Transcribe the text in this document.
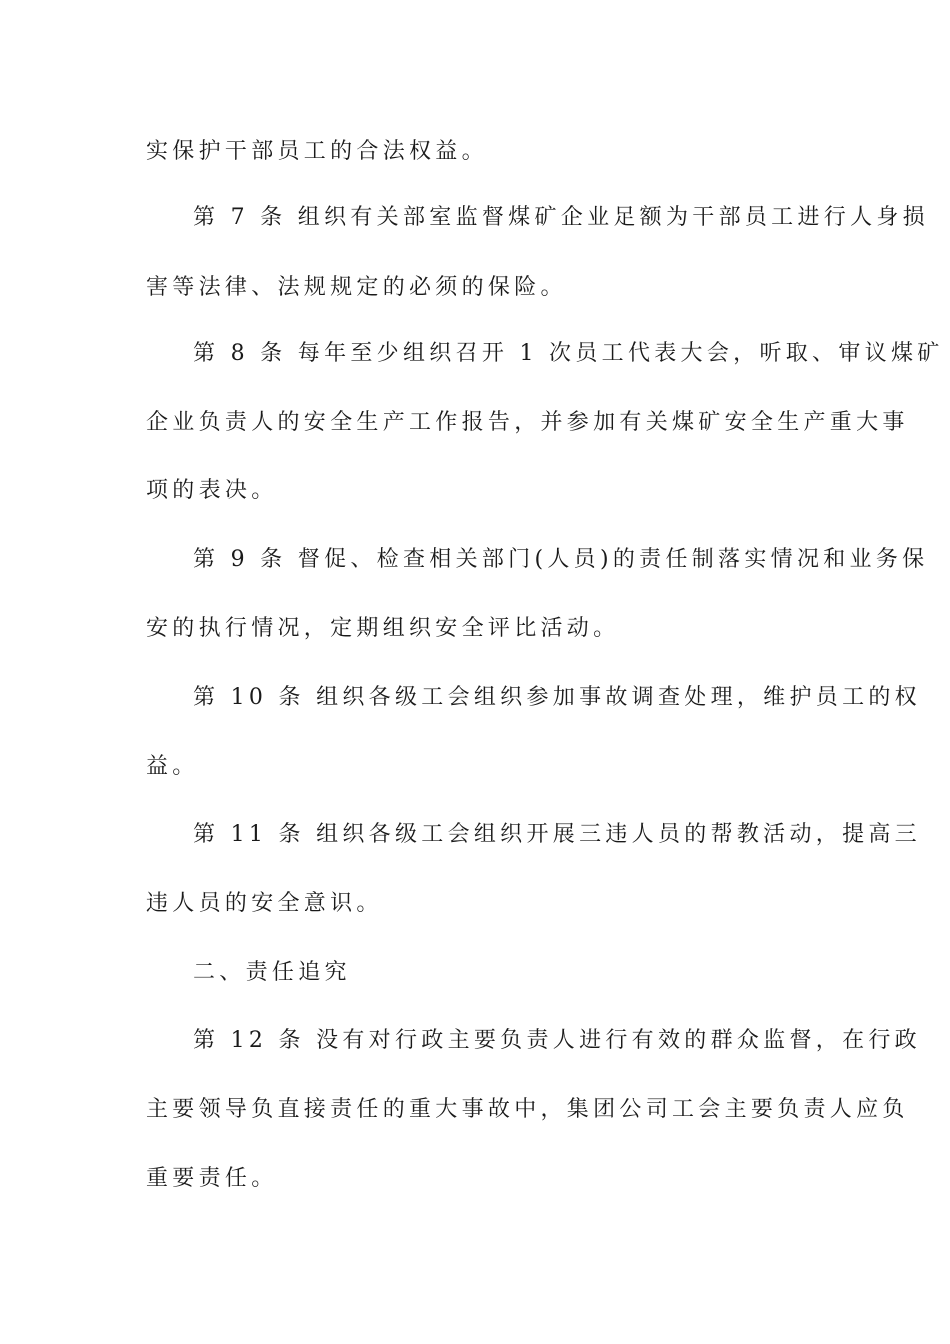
实保护干部员工的合法权益。
第 7 条 组织有关部室监督煤矿企业足额为干部员工进行人身损
害等法律、法规规定的必须的保险。
第 8 条 每年至少组织召开 1 次员工代表大会，听取、审议煤矿
企业负责人的安全生产工作报告，并参加有关煤矿安全生产重大事
项的表决。
第 9 条 督促、检查相关部门(人员)的责任制落实情况和业务保
安的执行情况，定期组织安全评比活动。
第 10 条 组织各级工会组织参加事故调查处理，维护员工的权
益。
第 11 条 组织各级工会组织开展三违人员的帮教活动，提高三
违人员的安全意识。
二、责任追究
第 12 条 没有对行政主要负责人进行有效的群众监督，在行政
主要领导负直接责任的重大事故中，集团公司工会主要负责人应负
重要责任。
